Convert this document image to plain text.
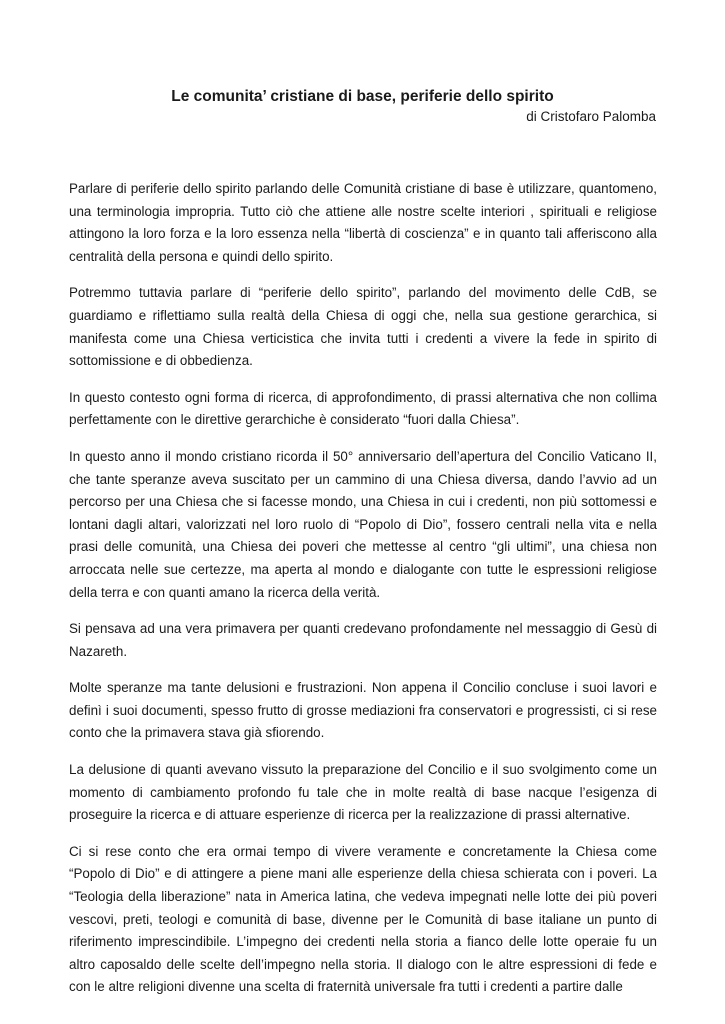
Le comunita’ cristiane di base, periferie dello spirito
di Cristofaro Palomba

Parlare di periferie dello spirito parlando delle Comunità cristiane di base è utilizzare, quantomeno, una terminologia impropria. Tutto ciò che attiene alle nostre scelte interiori , spirituali e religiose attingono la loro forza e la loro essenza nella “libertà di coscienza” e in quanto tali afferiscono alla centralità della persona e quindi dello spirito.

Potremmo tuttavia parlare di “periferie dello spirito”, parlando del movimento delle CdB, se guardiamo e riflettiamo sulla realtà della Chiesa di oggi che, nella sua gestione gerarchica, si manifesta come una Chiesa verticistica che invita tutti i credenti a vivere la fede in spirito di sottomissione e di obbedienza.

In questo contesto ogni forma di ricerca, di approfondimento, di prassi alternativa che non collima perfettamente con le direttive gerarchiche è considerato “fuori dalla Chiesa”.

In questo anno il mondo cristiano ricorda il 50° anniversario dell’apertura del Concilio Vaticano II, che tante speranze aveva suscitato per un cammino di una Chiesa diversa, dando l’avvio ad un percorso per una Chiesa che si facesse mondo, una Chiesa in cui i credenti, non più sottomessi e lontani dagli altari, valorizzati nel loro ruolo di “Popolo di Dio”, fossero centrali nella vita e nella prasi delle comunità, una Chiesa dei poveri che mettesse al centro “gli ultimi”, una chiesa non arroccata nelle sue certezze, ma aperta al mondo e dialogante con tutte le espressioni religiose della terra e con quanti amano la ricerca della verità.

Si pensava ad una vera primavera per quanti credevano profondamente nel messaggio di Gesù di Nazareth.

Molte speranze ma tante delusioni e frustrazioni. Non appena il Concilio concluse i suoi lavori e definì i suoi documenti, spesso frutto di grosse mediazioni fra conservatori e progressisti, ci si rese conto che la primavera stava già sfiorendo.

La delusione di quanti avevano vissuto la preparazione del Concilio e il suo svolgimento come un momento di cambiamento profondo fu tale che in molte realtà di base nacque l’esigenza di proseguire la ricerca e di attuare esperienze di ricerca per la realizzazione di prassi alternative.

Ci si rese conto che era ormai tempo di vivere veramente e concretamente la Chiesa come “Popolo di Dio” e di attingere a piene mani alle esperienze della chiesa schierata con i poveri. La “Teologia della liberazione” nata in America latina, che vedeva impegnati nelle lotte dei più poveri vescovi, preti, teologi e comunità di base, divenne per le Comunità di base italiane un punto di riferimento imprescindibile. L’impegno dei credenti nella storia a fianco delle lotte operaie fu un altro caposaldo delle scelte dell’impegno nella storia. Il dialogo con le altre espressioni di fede e con le altre religioni divenne una scelta di fraternità universale fra tutti i credenti a partire dalle
